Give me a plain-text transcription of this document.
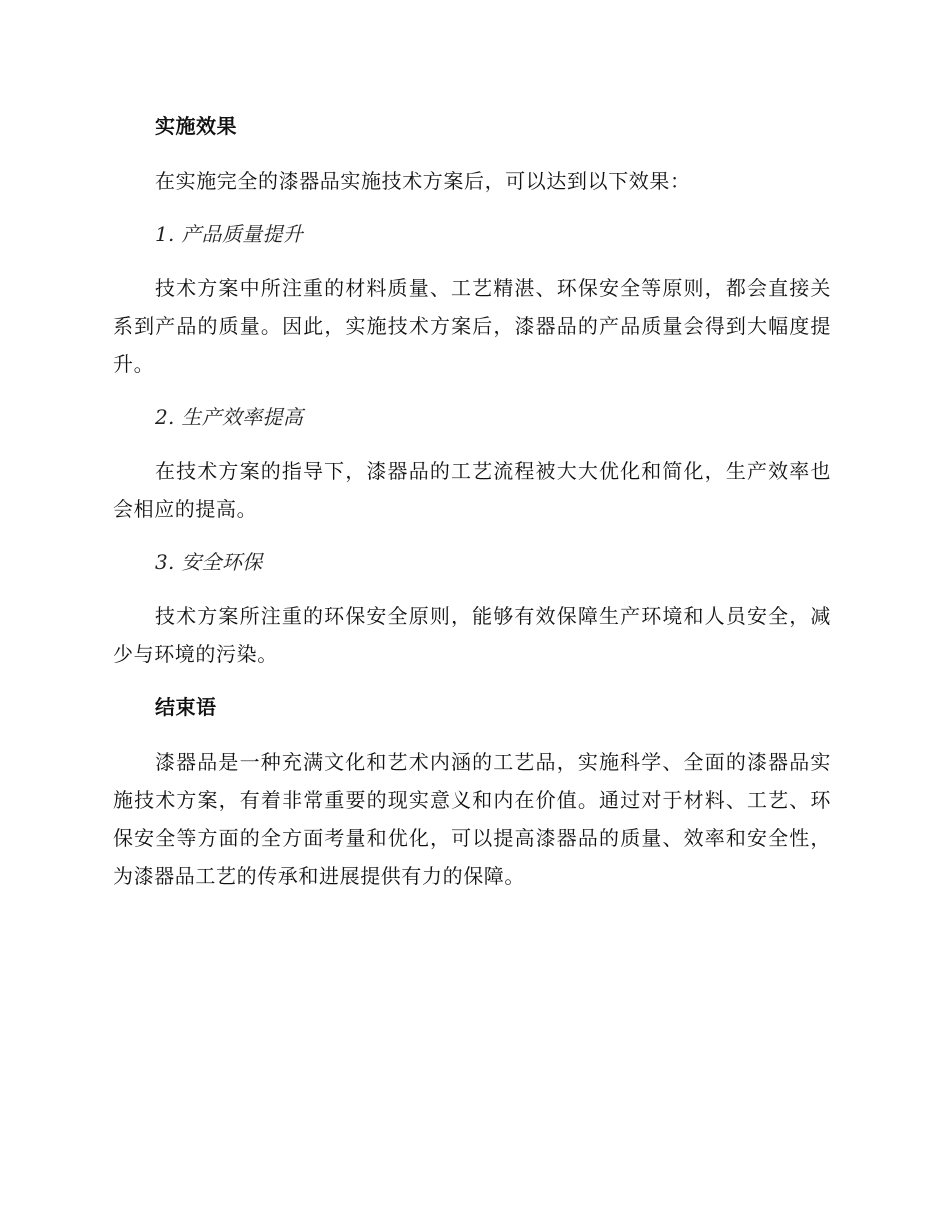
实施效果

在实施完全的漆器品实施技术方案后，可以达到以下效果：

1. 产品质量提升

技术方案中所注重的材料质量、工艺精湛、环保安全等原则，都会直接关系到产品的质量。因此，实施技术方案后，漆器品的产品质量会得到大幅度提升。

2. 生产效率提高

在技术方案的指导下，漆器品的工艺流程被大大优化和简化，生产效率也会相应的提高。

3. 安全环保

技术方案所注重的环保安全原则，能够有效保障生产环境和人员安全，减少与环境的污染。

结束语

漆器品是一种充满文化和艺术内涵的工艺品，实施科学、全面的漆器品实施技术方案，有着非常重要的现实意义和内在价值。通过对于材料、工艺、环保安全等方面的全方面考量和优化，可以提高漆器品的质量、效率和安全性，为漆器品工艺的传承和进展提供有力的保障。
